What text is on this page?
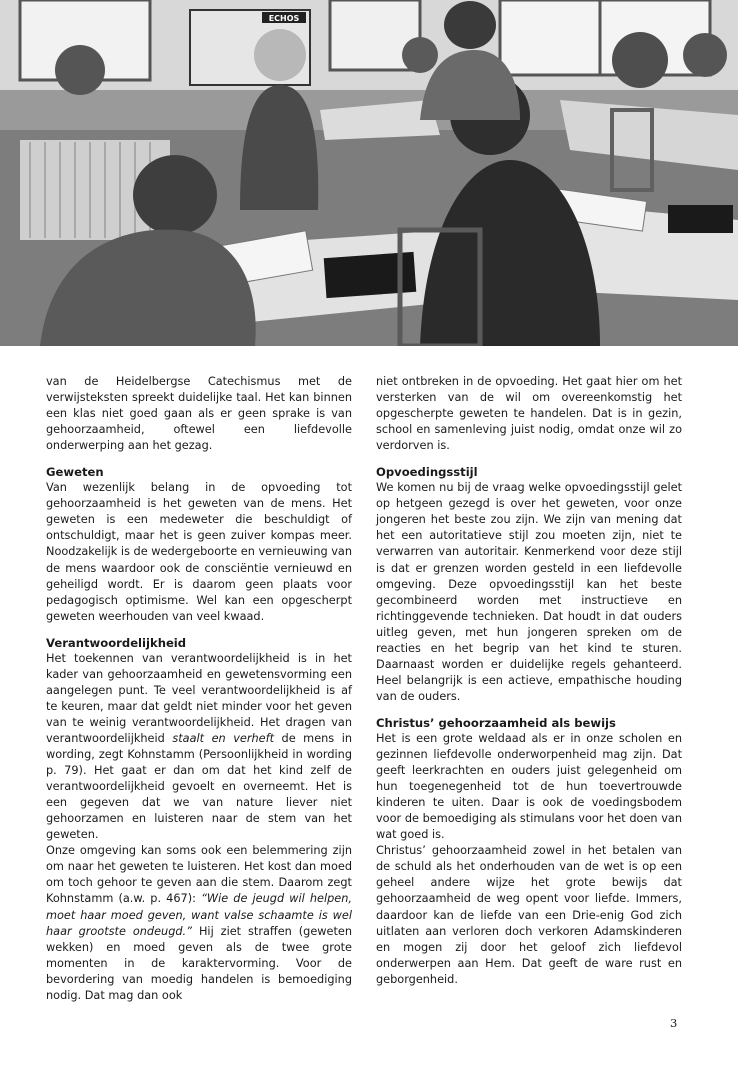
ECHOS

van de Heidelbergse Catechismus met de verwijsteksten spreekt duidelijke taal. Het kan binnen een klas niet goed gaan als er geen sprake is van gehoorzaamheid, oftewel een liefdevolle onderwerping aan het gezag.

Geweten

Van wezenlijk belang in de opvoeding tot gehoorzaamheid is het geweten van de mens. Het geweten is een medeweter die beschuldigt of ontschuldigt, maar het is geen zuiver kompas meer. Noodzakelijk is de wedergeboorte en vernieuwing van de mens waardoor ook de consciëntie vernieuwd en geheiligd wordt. Er is daarom geen plaats voor pedagogisch optimisme. Wel kan een opgescherpt geweten weerhouden van veel kwaad.

Verantwoordelijkheid

Het toekennen van verantwoordelijkheid is in het kader van gehoorzaamheid en gewetensvorming een aangelegen punt. Te veel verantwoordelijkheid is af te keuren, maar dat geldt niet minder voor het geven van te weinig verantwoordelijkheid. Het dragen van verantwoordelijkheid staalt en verheft de mens in wording, zegt Kohnstamm (Persoonlijkheid in wording p. 79). Het gaat er dan om dat het kind zelf de verantwoordelijkheid gevoelt en overneemt. Het is een gegeven dat we van nature liever niet gehoorzamen en luisteren naar de stem van het geweten.

Onze omgeving kan soms ook een belemmering zijn om naar het geweten te luisteren. Het kost dan moed om toch gehoor te geven aan die stem. Daarom zegt Kohnstamm (a.w. p. 467): “Wie de jeugd wil helpen, moet haar moed geven, want valse schaamte is wel haar grootste ondeugd.” Hij ziet straffen (geweten wekken) en moed geven als de twee grote momenten in de karaktervorming. Voor de bevordering van moedig handelen is bemoediging nodig. Dat mag dan ook

niet ontbreken in de opvoeding. Het gaat hier om het versterken van de wil om overeenkomstig het opgescherpte geweten te handelen. Dat is in gezin, school en samenleving juist nodig, omdat onze wil zo verdorven is.

Opvoedingsstijl

We komen nu bij de vraag welke opvoedingsstijl gelet op hetgeen gezegd is over het geweten, voor onze jongeren het beste zou zijn. We zijn van mening dat het een autoritatieve stijl zou moeten zijn, niet te verwarren van autoritair. Kenmerkend voor deze stijl is dat er grenzen worden gesteld in een liefdevolle omgeving. Deze opvoedingsstijl kan het beste gecombineerd worden met instructieve en richtinggevende technieken. Dat houdt in dat ouders uitleg geven, met hun jongeren spreken om de reacties en het begrip van het kind te sturen. Daarnaast worden er duidelijke regels gehanteerd. Heel belangrijk is een actieve, empathische houding van de ouders.

Christus’ gehoorzaamheid als bewijs

Het is een grote weldaad als er in onze scholen en gezinnen liefdevolle onderworpenheid mag zijn. Dat geeft leerkrachten en ouders juist gelegenheid om hun toegenegenheid tot de hun toevertrouwde kinderen te uiten. Daar is ook de voedingsbodem voor de bemoediging als stimulans voor het doen van wat goed is.

Christus’ gehoorzaamheid zowel in het betalen van de schuld als het onderhouden van de wet is op een geheel andere wijze het grote bewijs dat gehoorzaamheid de weg opent voor liefde. Immers, daardoor kan de liefde van een Drie-enig God zich uitlaten aan verloren doch verkoren Adamskinderen en mogen zij door het geloof zich liefdevol onderwerpen aan Hem. Dat geeft de ware rust en geborgenheid.

3
